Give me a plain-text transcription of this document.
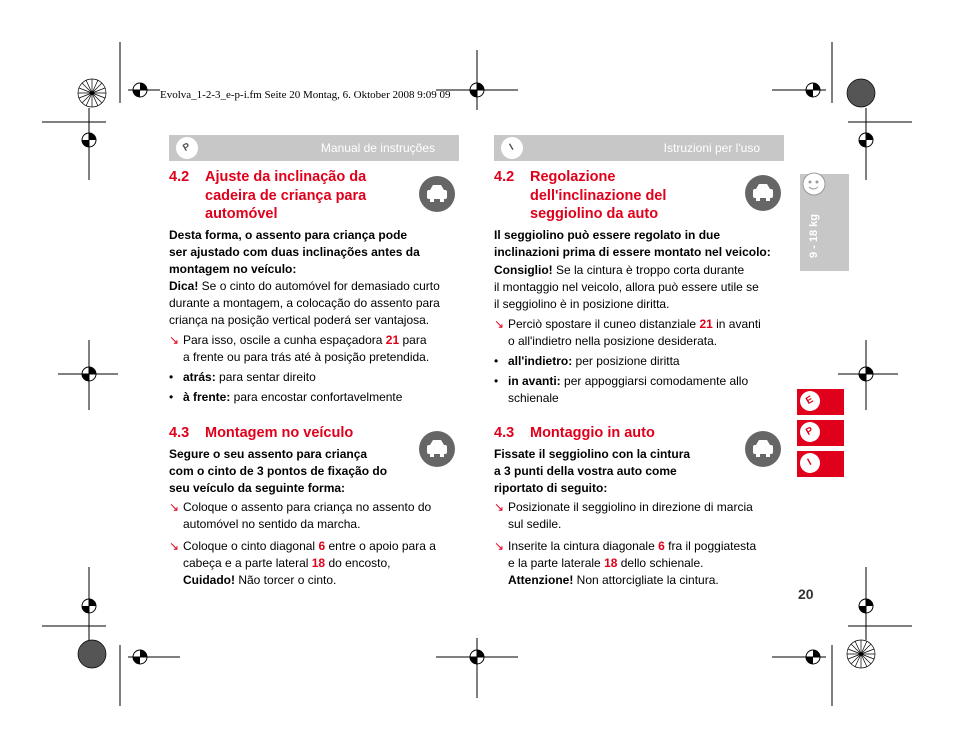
Evolva_1-2-3_e-p-i.fm Seite 20 Montag, 6. Oktober 2008 9:09 09
P	Manual de instruções
4.2 Ajuste da inclinação da
cadeira de criança para
automóvel
Desta forma, o assento para criança pode
ser ajustado com duas inclinações antes da
montagem no veículo:
Dica! Se o cinto do automóvel for demasiado curto
durante a montagem, a colocação do assento para
criança na posição vertical poderá ser vantajosa.
↘ Para isso, oscile a cunha espaçadora 21 para
a frente ou para trás até à posição pretendida.
• atrás: para sentar direito
• à frente: para encostar confortavelmente
4.3 Montagem no veículo
Segure o seu assento para criança
com o cinto de 3 pontos de fixação do
seu veículo da seguinte forma:
↘ Coloque o assento para criança no assento do
automóvel no sentido da marcha.
↘ Coloque o cinto diagonal 6 entre o apoio para a
cabeça e a parte lateral 18 do encosto,
Cuidado! Não torcer o cinto.
I	Istruzioni per l'uso
4.2 Regolazione
dell'inclinazione del
seggiolino da auto
Il seggiolino può essere regolato in due
inclinazioni prima di essere montato nel veicolo:
Consiglio! Se la cintura è troppo corta durante
il montaggio nel veicolo, allora può essere utile se
il seggiolino è in posizione diritta.
↘ Perciò spostare il cuneo distanziale 21 in avanti
o all'indietro nella posizione desiderata.
• all'indietro: per posizione diritta
• in avanti: per appoggiarsi comodamente allo
schienale
4.3 Montaggio in auto
Fissate il seggiolino con la cintura
a 3 punti della vostra auto come
riportato di seguito:
↘ Posizionate il seggiolino in direzione di marcia
sul sedile.
↘ Inserite la cintura diagonale 6 fra il poggiatesta
e la parte laterale 18 dello schienale.
Attenzione! Non attorcigliate la cintura.
9 - 18 kg
E
P
I
20
